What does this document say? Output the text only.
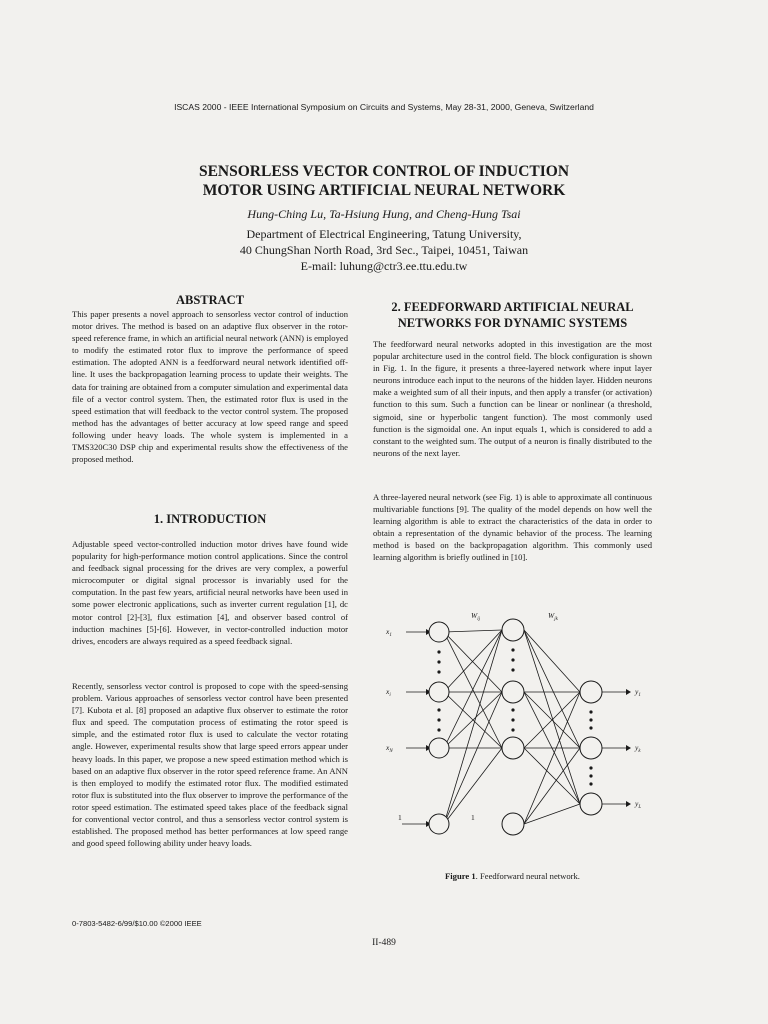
ISCAS 2000 - IEEE International Symposium on Circuits and Systems, May 28-31, 2000, Geneva, Switzerland
SENSORLESS VECTOR CONTROL OF INDUCTION
MOTOR USING ARTIFICIAL NEURAL NETWORK
Hung-Ching Lu, Ta-Hsiung Hung, and Cheng-Hung Tsai
Department of Electrical Engineering, Tatung University,
40 ChungShan North Road, 3rd Sec., Taipei, 10451, Taiwan
E-mail: luhung@ctr3.ee.ttu.edu.tw
ABSTRACT

This paper presents a novel approach to sensorless vector control of induction motor drives. The method is based on an adaptive flux observer in the rotor-speed reference frame, in which an artificial neural network (ANN) is employed to modify the estimated rotor flux to improve the performance of speed estimation. The adopted ANN is a feedforward neural network identified off-line. It uses the backpropagation learning process to update their weights. The data for training are obtained from a computer simulation and experimental data file of a vector control system. Then, the estimated rotor flux is used in the speed estimation that will feedback to the vector control system. The proposed method has the advantages of better accuracy at low speed range and speed following under heavy loads. The whole system is implemented in a TMS320C30 DSP chip and experimental results show the effectiveness of the proposed method.

1. INTRODUCTION

Adjustable speed vector-controlled induction motor drives have found wide popularity for high-performance motion control applications. Since the control and feedback signal processing for the drives are very complex, a powerful microcomputer or digital signal processor is invariably used for the computation. In the past few years, artificial neural networks have been used in some power electronic applications, such as inverter current regulation [1], dc motor control [2]-[3], flux estimation [4], and observer based control of induction machines [5]-[6]. However, in vector-controlled induction motor drives, encoders are always required as a speed feedback signal.

Recently, sensorless vector control is proposed to cope with the speed-sensing problem. Various approaches of sensorless vector control have been presented [7]. Kubota et al. [8] proposed an adaptive flux observer to estimate the rotor flux and speed. The computation process of estimating the rotor speed is simple, and the estimated rotor flux is used to calculate the vector rotating angle. However, experimental results show that large speed errors appear under heavy loads. In this paper, we propose a new speed estimation method which is based on an adaptive flux observer in the rotor speed reference frame. An ANN is then employed to modify the estimated rotor flux. The modified estimated rotor flux is substituted into the flux observer to improve the performance of the rotor speed estimation. The estimated speed takes place of the feedback signal for conventional vector control, and thus a sensorless vector control system is established. The proposed method has better performances at low speed range and good speed following ability under heavy loads.

2. FEEDFORWARD ARTIFICIAL NEURAL
NETWORKS FOR DYNAMIC SYSTEMS

The feedforward neural networks adopted in this investigation are the most popular architecture used in the control field. The block configuration is shown in Fig. 1. In the figure, it presents a three-layered network where input layer neurons introduce each input to the neurons of the hidden layer. Hidden neurons make a weighted sum of all their inputs, and then apply a transfer (or activation) function to this sum. Such a function can be linear or nonlinear (a threshold, sigmoid, sine or hyperbolic tangent function). The most commonly used function is the sigmoidal one. An input equals 1, which is considered to add a constant to the weighted sum. The output of a neuron is finally distributed to the neurons of the next layer.

A three-layered neural network (see Fig. 1) is able to approximate all continuous multivariable functions [9]. The quality of the model depends on how well the learning algorithm is able to extract the characteristics of the data in order to obtain a representation of the dynamic behavior of the process. The learning method is based on the backpropagation algorithm. This commonly used learning algorithm is briefly outlined in [10].

$W_{ij}$	$W_{jk}$
$x_1$
$x_i$
$x_N$
$y_1$
$y_k$
$y_L$
1	1
Figure 1. Feedforward neural network.
0-7803-5482-6/99/$10.00 ©2000 IEEE
II-489
